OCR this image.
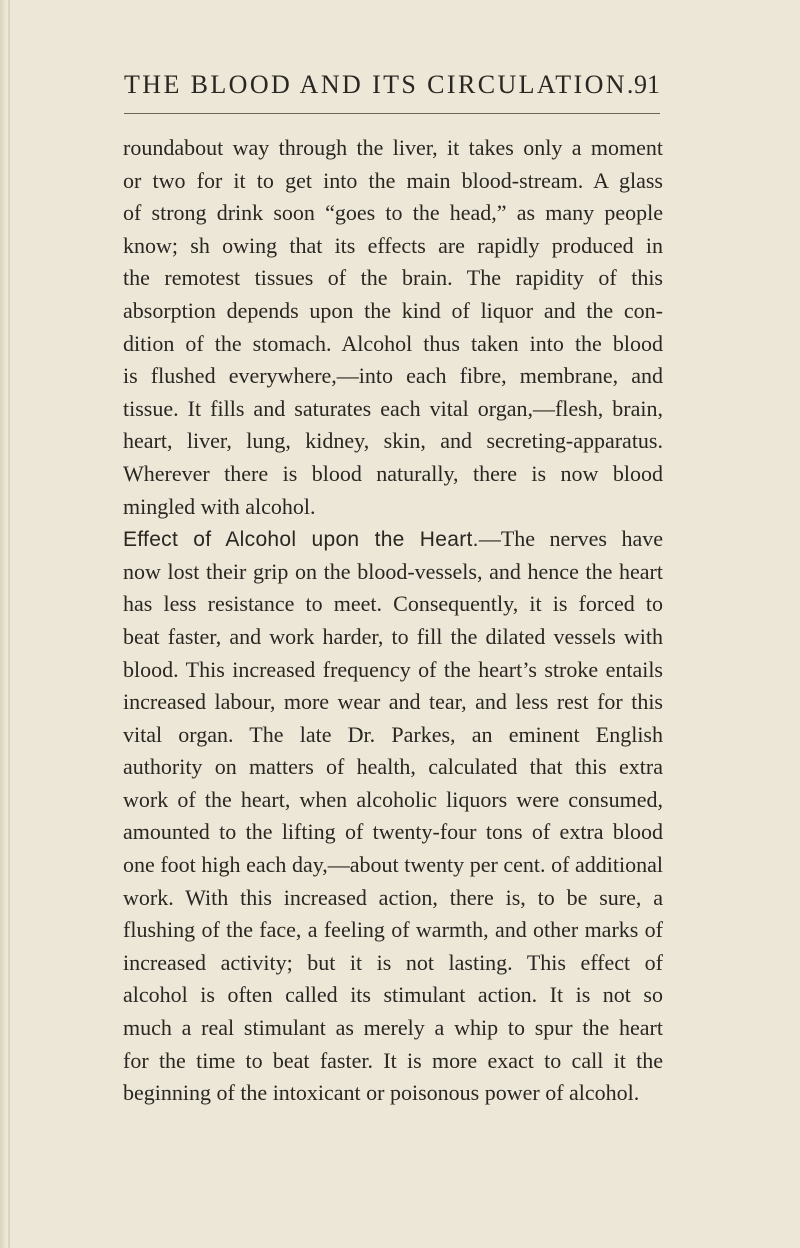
THE BLOOD AND ITS CIRCULATION.
91
roundabout way through the liver, it takes only a moment
or two for it to get into the main blood-stream. A glass
of strong drink soon “goes to the head,” as many people
know; sh owing that its effects are rapidly produced in
the remotest tissues of the brain. The rapidity of this
absorption depends upon the kind of liquor and the con-
dition of the stomach. Alcohol thus taken into the blood
is flushed everywhere,—into each fibre, membrane, and
tissue. It fills and saturates each vital organ,—flesh, brain,
heart, liver, lung, kidney, skin, and secreting-apparatus.
Wherever there is blood naturally, there is now blood
mingled with alcohol.
Effect of Alcohol upon the Heart.—The nerves have
now lost their grip on the blood-vessels, and hence the heart
has less resistance to meet. Consequently, it is forced to
beat faster, and work harder, to fill the dilated vessels with
blood. This increased frequency of the heart’s stroke entails
increased labour, more wear and tear, and less rest for this
vital organ. The late Dr. Parkes, an eminent English
authority on matters of health, calculated that this extra
work of the heart, when alcoholic liquors were consumed,
amounted to the lifting of twenty-four tons of extra blood
one foot high each day,—about twenty per cent. of additional
work. With this increased action, there is, to be sure, a
flushing of the face, a feeling of warmth, and other marks of
increased activity; but it is not lasting. This effect of
alcohol is often called its stimulant action. It is not so
much a real stimulant as merely a whip to spur the heart
for the time to beat faster. It is more exact to call it the
beginning of the intoxicant or poisonous power of alcohol.
